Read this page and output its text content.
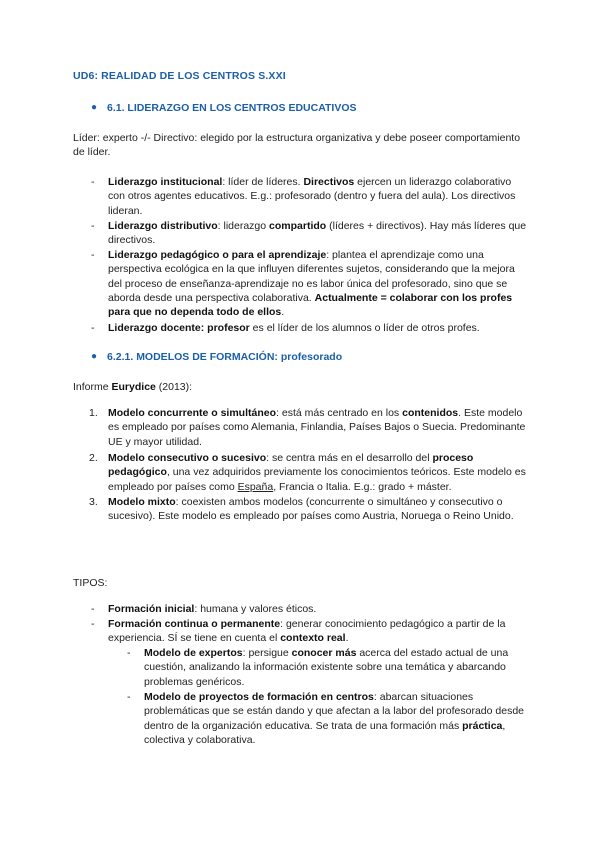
UD6: REALIDAD DE LOS CENTROS S.XXI
● 6.1. LIDERAZGO EN LOS CENTROS EDUCATIVOS
Líder: experto -/- Directivo: elegido por la estructura organizativa y debe poseer comportamiento de líder.
- Liderazgo institucional: líder de líderes. Directivos ejercen un liderazgo colaborativo con otros agentes educativos. E.g.: profesorado (dentro y fuera del aula). Los directivos lideran.
- Liderazgo distributivo: liderazgo compartido (líderes + directivos). Hay más líderes que directivos.
- Liderazgo pedagógico o para el aprendizaje: plantea el aprendizaje como una perspectiva ecológica en la que influyen diferentes sujetos, considerando que la mejora del proceso de enseñanza-aprendizaje no es labor única del profesorado, sino que se aborda desde una perspectiva colaborativa. Actualmente = colaborar con los profes para que no dependa todo de ellos.
- Liderazgo docente: profesor es el líder de los alumnos o líder de otros profes.
● 6.2.1. MODELOS DE FORMACIÓN: profesorado
Informe Eurydice (2013):
1. Modelo concurrente o simultáneo: está más centrado en los contenidos. Este modelo es empleado por países como Alemania, Finlandia, Países Bajos o Suecia. Predominante UE y mayor utilidad.
2. Modelo consecutivo o sucesivo: se centra más en el desarrollo del proceso pedagógico, una vez adquiridos previamente los conocimientos teóricos. Este modelo es empleado por países como España, Francia o Italia. E.g.: grado + máster.
3. Modelo mixto: coexisten ambos modelos (concurrente o simultáneo y consecutivo o sucesivo). Este modelo es empleado por países como Austria, Noruega o Reino Unido.
TIPOS:
- Formación inicial: humana y valores éticos.
- Formación continua o permanente: generar conocimiento pedagógico a partir de la experiencia. SÍ se tiene en cuenta el contexto real.
- Modelo de expertos: persigue conocer más acerca del estado actual de una cuestión, analizando la información existente sobre una temática y abarcando problemas genéricos.
- Modelo de proyectos de formación en centros: abarcan situaciones problemáticas que se están dando y que afectan a la labor del profesorado desde dentro de la organización educativa. Se trata de una formación más práctica, colectiva y colaborativa.
